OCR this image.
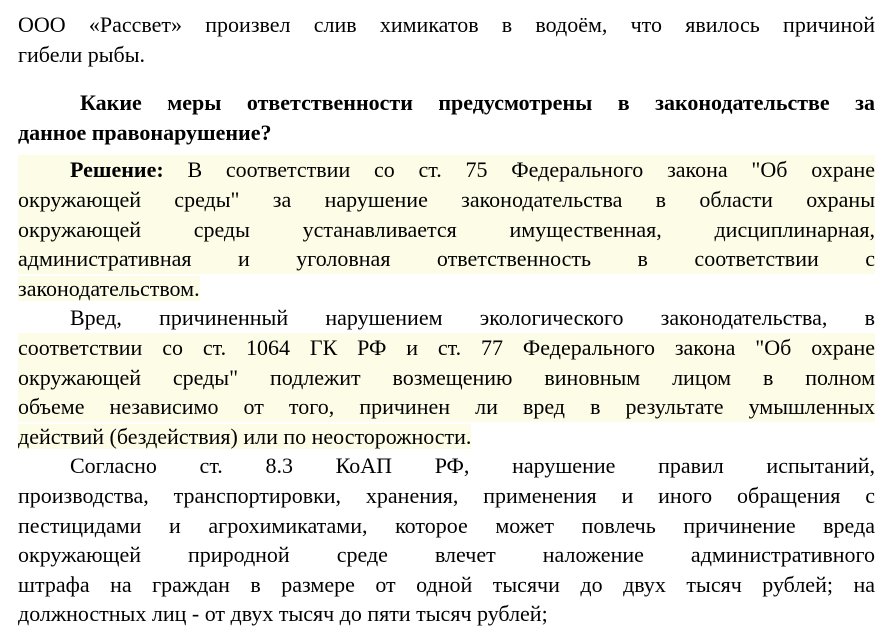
ООО «Рассвет» произвел слив химикатов в водоём, что явилось причиной
гибели рыбы.
Какие меры ответственности предусмотрены в законодательстве за
данное правонарушение?
Решение: В соответствии со ст. 75 Федерального закона "Об охране
окружающей среды" за нарушение законодательства в области охраны
окружающей среды устанавливается имущественная, дисциплинарная,
административная и уголовная ответственность в соответствии с
законодательством.
Вред, причиненный нарушением экологического законодательства, в
соответствии со ст. 1064 ГК РФ и ст. 77 Федерального закона "Об охране
окружающей среды" подлежит возмещению виновным лицом в полном
объеме независимо от того, причинен ли вред в результате умышленных
действий (бездействия) или по неосторожности.
Согласно ст. 8.3 КоАП РФ, нарушение правил испытаний,
производства, транспортировки, хранения, применения и иного обращения с
пестицидами и агрохимикатами, которое может повлечь причинение вреда
окружающей природной среде влечет наложение административного
штрафа на граждан в размере от одной тысячи до двух тысяч рублей; на
должностных лиц - от двух тысяч до пяти тысяч рублей;
